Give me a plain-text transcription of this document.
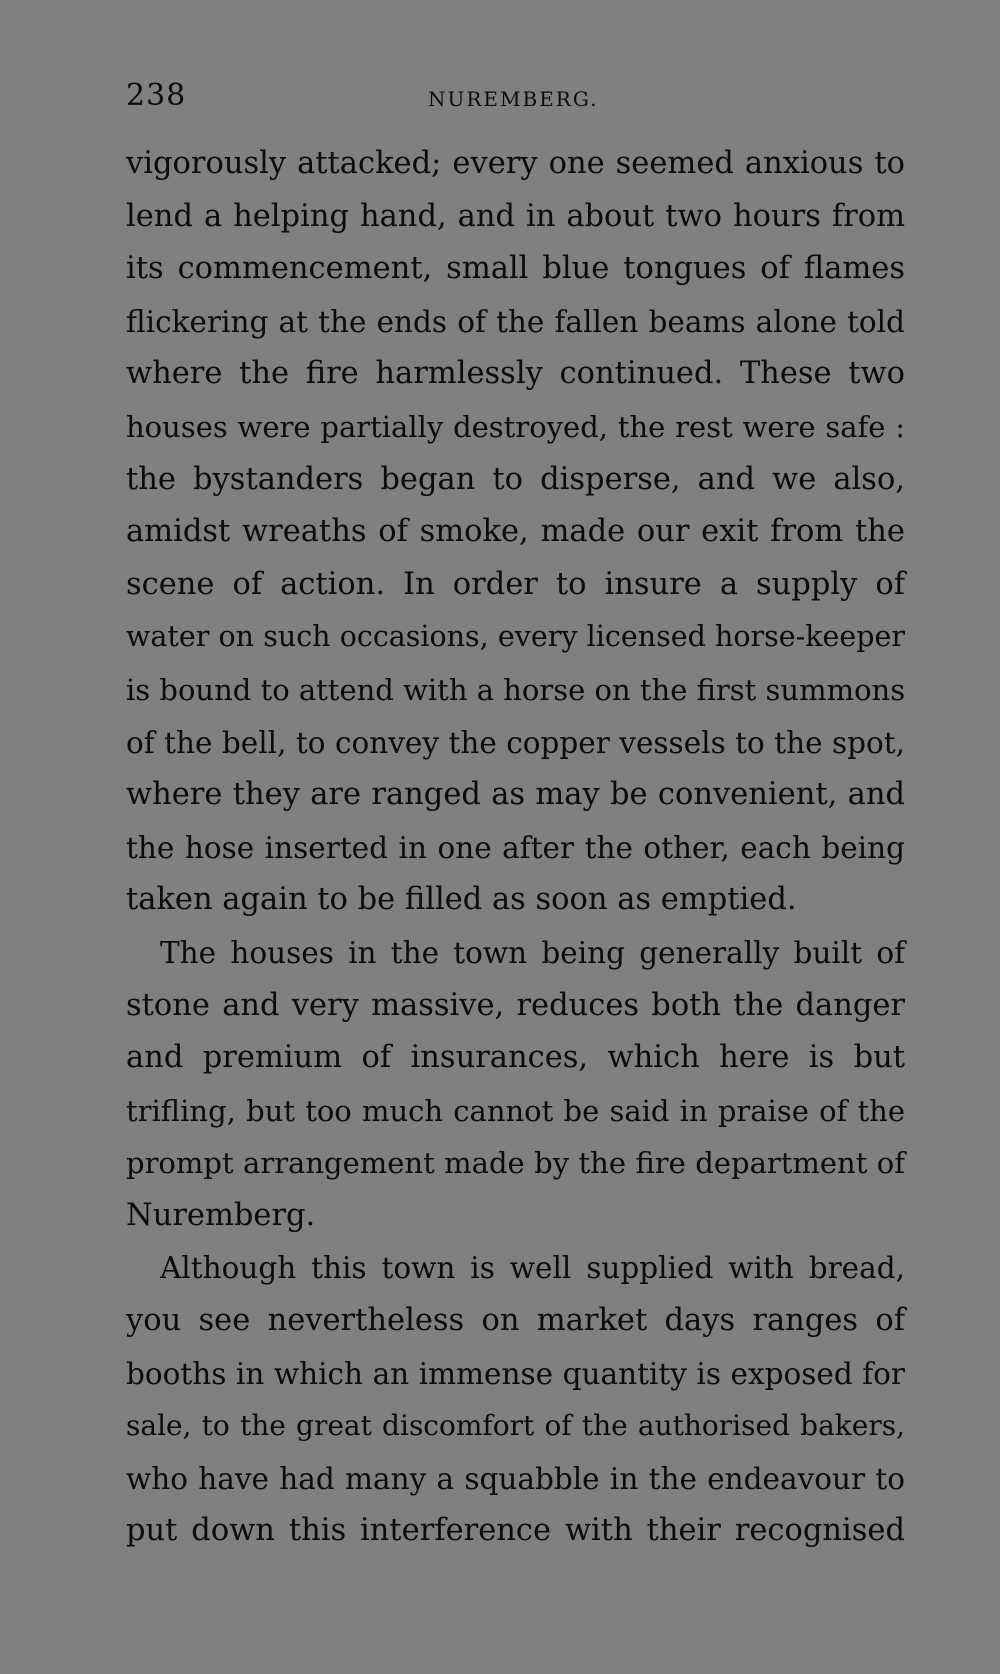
238	NUREMBERG.
vigorously attacked; every one seemed anxious to
lend a helping hand, and in about two hours from
its commencement, small blue tongues of flames
flickering at the ends of the fallen beams alone told
where the fire harmlessly continued. These two
houses were partially destroyed, the rest were safe :
the bystanders began to disperse, and we also,
amidst wreaths of smoke, made our exit from the
scene of action. In order to insure a supply of
water on such occasions, every licensed horse-keeper
is bound to attend with a horse on the first summons
of the bell, to convey the copper vessels to the spot,
where they are ranged as may be convenient, and
the hose inserted in one after the other, each being
taken again to be filled as soon as emptied.
The houses in the town being generally built of
stone and very massive, reduces both the danger
and premium of insurances, which here is but
trifling, but too much cannot be said in praise of the
prompt arrangement made by the fire department of
Nuremberg.
Although this town is well supplied with bread,
you see nevertheless on market days ranges of
booths in which an immense quantity is exposed for
sale, to the great discomfort of the authorised bakers,
who have had many a squabble in the endeavour to
put down this interference with their recognised
